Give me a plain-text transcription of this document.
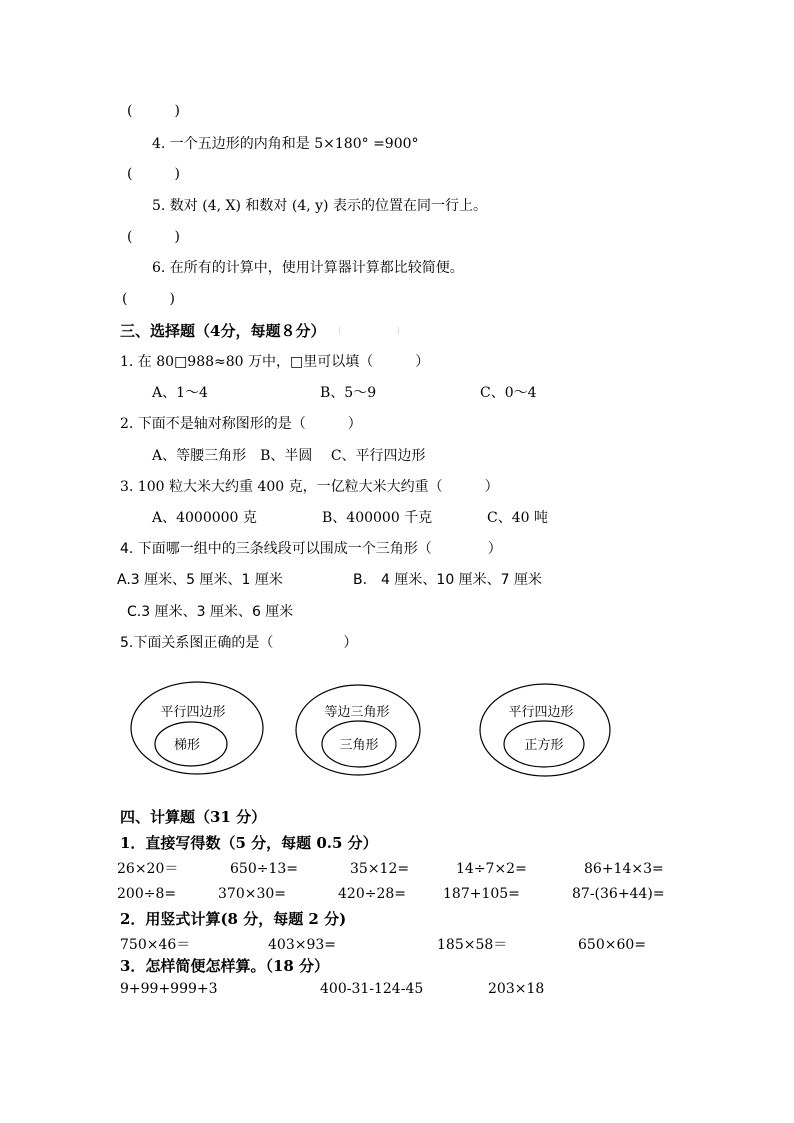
(　　　)
4. 一个五边形的内角和是 5×180° =900°
(　　　)
5. 数对 (4, X) 和数对 (4, y) 表示的位置在同一行上。
(　　　)
6. 在所有的计算中，使用计算器计算都比较简便。
(　　　)
三、选择题（4分，每题８分） (                 )
1. 在 80□988≈80 万中，□里可以填（　　　）
A、1～4	B、5～9	C、0～4
2. 下面不是轴对称图形的是（　　　）
A、等腰三角形　B、半圆　 C、平行四边形
3. 100 粒大米大约重 400 克，一亿粒大米大约重（　　　）
A、4000000 克	B、400000 千克	C、40 吨
4. 下面哪一组中的三条线段可以围成一个三角形（　　　　）
A.3 厘米、5 厘米、1 厘米	B.　4 厘米、10 厘米、7 厘米
C.3 厘米、3 厘米、6 厘米
5.下面关系图正确的是（　　　　　）
平行四边形
梯形
等边三角形
三角形
平行四边形
正方形
四、计算题（31 分）
1．直接写得数（5 分，每题 0.5 分）
26×20＝	650÷13=	35×12=	14÷7×2=	86+14×3=
200÷8=	370×30=	420÷28=	187+105=	87-(36+44)=
2．用竖式计算(8 分，每题 2 分)
750×46＝	403×93=	185×58＝	650×60=
3．怎样简便怎样算。（18 分）
9+99+999+3	400-31-124-45	203×18
